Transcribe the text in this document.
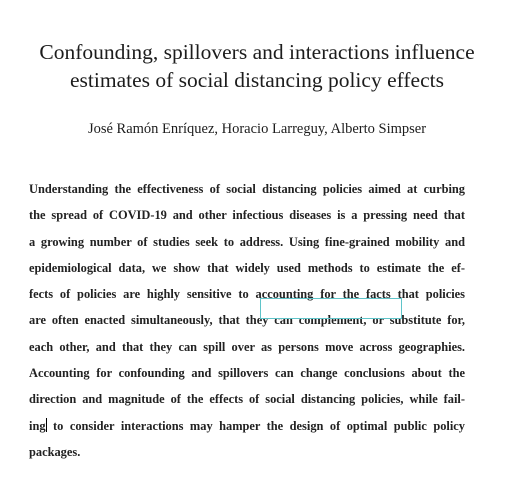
Confounding, spillovers and interactions influence
estimates of social distancing policy effects

José Ramón Enríquez, Horacio Larreguy, Alberto Simpser

Understanding the effectiveness of social distancing policies aimed at curbing
the spread of COVID-19 and other infectious diseases is a pressing need that
a growing number of studies seek to address. Using fine-grained mobility and
epidemiological data, we show that widely used methods to estimate the ef-
fects of policies are highly sensitive to accounting for the facts that policies
are often enacted simultaneously, that they can complement, or substitute for,
each other, and that they can spill over as persons move across geographies.
Accounting for confounding and spillovers can change conclusions about the
direction and magnitude of the effects of social distancing policies, while fail-
ing to consider interactions may hamper the design of optimal public policy
packages.
